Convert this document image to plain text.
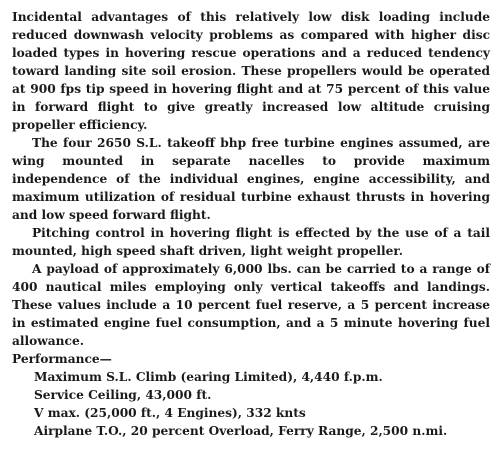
Incidental advantages of this relatively low disk loading include reduced downwash velocity problems as compared with higher disc loaded types in hovering rescue operations and a reduced tendency toward landing site soil erosion. These propellers would be operated at 900 fps tip speed in hovering flight and at 75 percent of this value in forward flight to give greatly increased low altitude cruising propeller efficiency.

The four 2650 S.L. takeoff bhp free turbine engines assumed, are wing mounted in separate nacelles to provide maximum independence of the individual engines, engine accessibility, and maximum utilization of residual turbine exhaust thrusts in hovering and low speed forward flight.

Pitching control in hovering flight is effected by the use of a tail mounted, high speed shaft driven, light weight propeller.

A payload of approximately 6,000 lbs. can be carried to a range of 400 nautical miles employing only vertical takeoffs and landings. These values include a 10 percent fuel reserve, a 5 percent increase in estimated engine fuel consumption, and a 5 minute hovering fuel allowance.

Performance—

Maximum S.L. Climb (earing Limited), 4,440 f.p.m.
Service Ceiling, 43,000 ft.
V max. (25,000 ft., 4 Engines), 332 knts
Airplane T.O., 20 percent Overload, Ferry Range, 2,500 n.mi.
